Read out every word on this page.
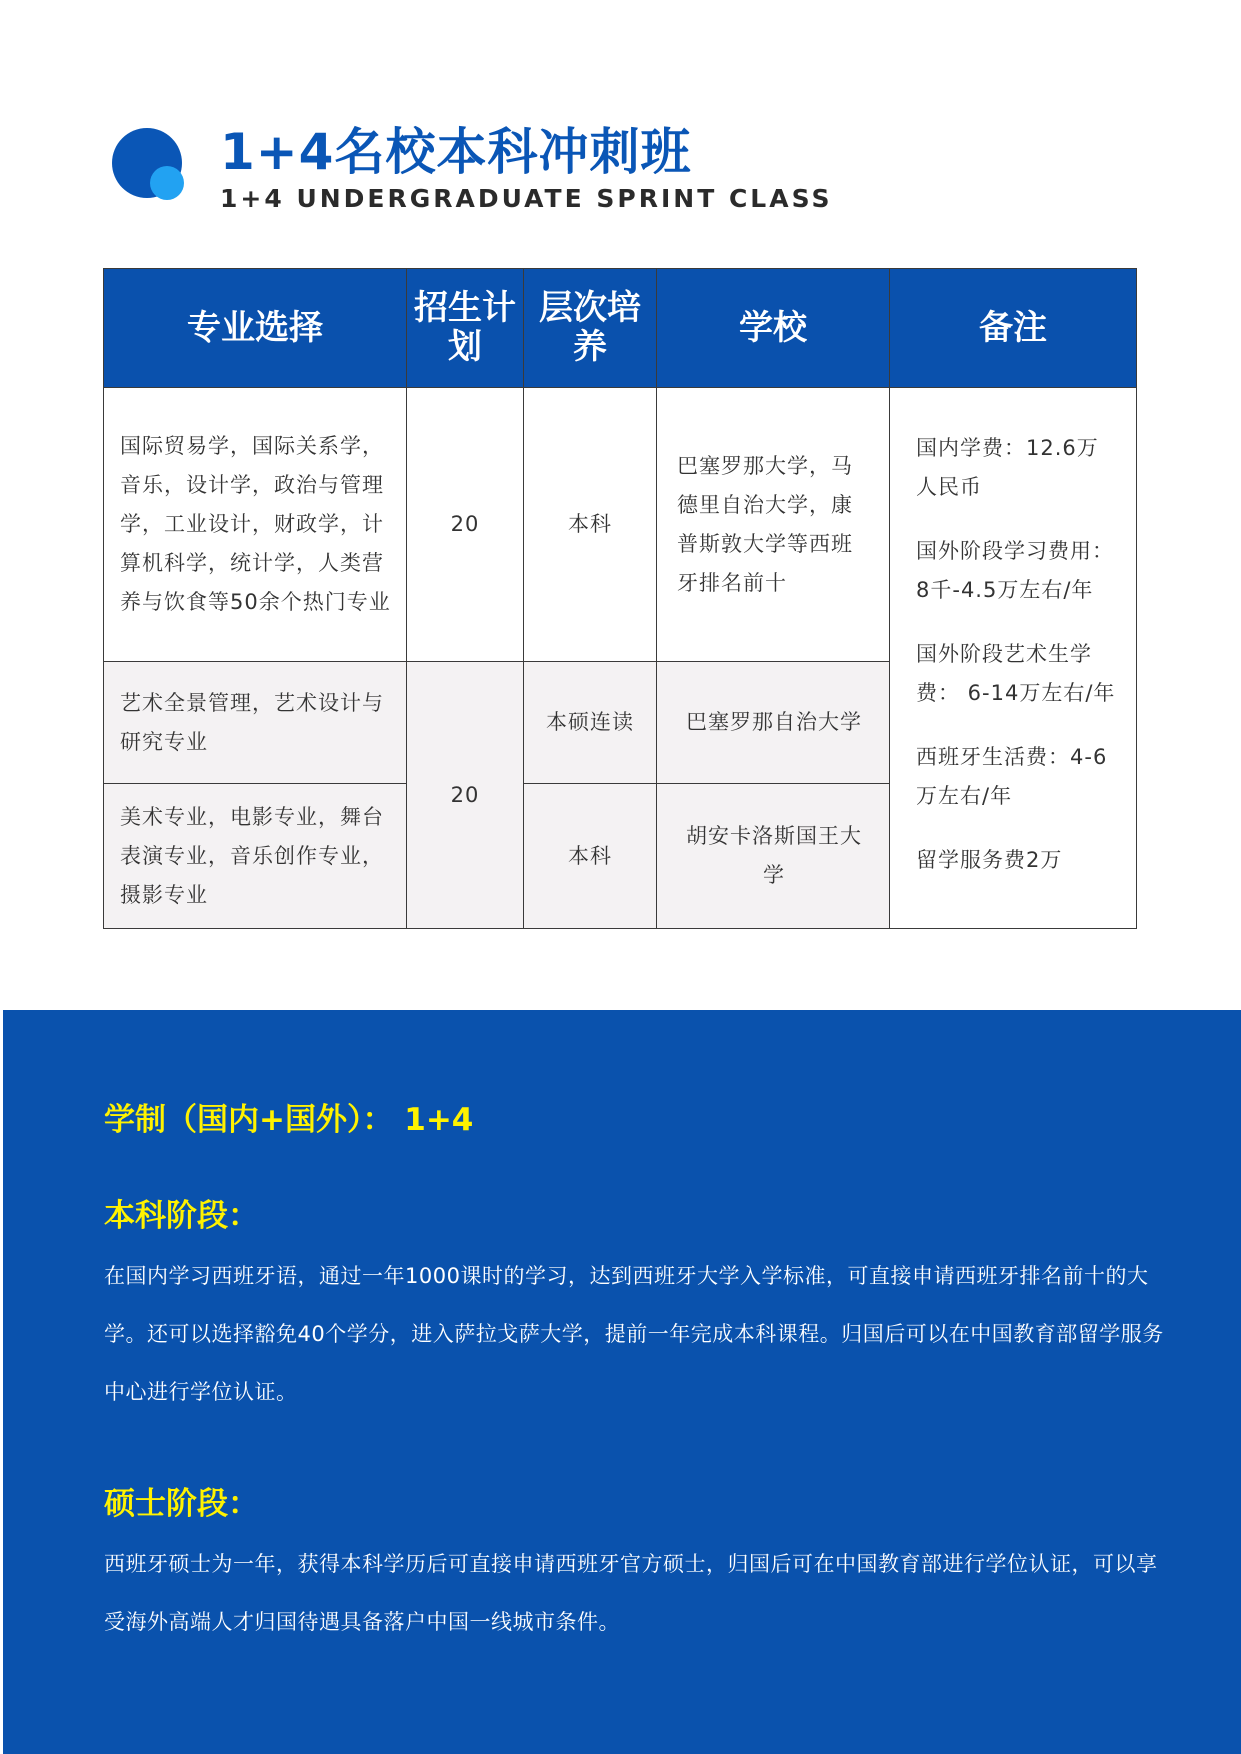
1+4名校本科冲刺班
1+4 UNDERGRADUATE SPRINT CLASS
专业选择	招生计划	层次培养	学校	备注
国际贸易学，国际关系学，音乐，设计学，政治与管理学，工业设计，财政学，计算机科学，统计学，人类营养与饮食等50余个热门专业	20	本科	巴塞罗那大学，马德里自治大学，康普斯敦大学等西班牙排名前十	国内学费：12.6万人民币

国外阶段学习费用：8千-4.5万左右/年

国外阶段艺术生学费： 6-14万左右/年

西班牙生活费：4-6万左右/年

留学服务费2万

艺术全景管理，艺术设计与研究专业	20	本硕连读	巴塞罗那自治大学	
美术专业，电影专业，舞台表演专业，音乐创作专业，摄影专业		本科	胡安卡洛斯国王大学	
学制（国内+国外）： 1+4
本科阶段：
在国内学习西班牙语，通过一年1000课时的学习，达到西班牙大学入学标准，可直接申请西班牙排名前十的大学。还可以选择豁免40个学分，进入萨拉戈萨大学，提前一年完成本科课程。归国后可以在中国教育部留学服务中心进行学位认证。
硕士阶段：
西班牙硕士为一年，获得本科学历后可直接申请西班牙官方硕士，归国后可在中国教育部进行学位认证，可以享受海外高端人才归国待遇具备落户中国一线城市条件。
